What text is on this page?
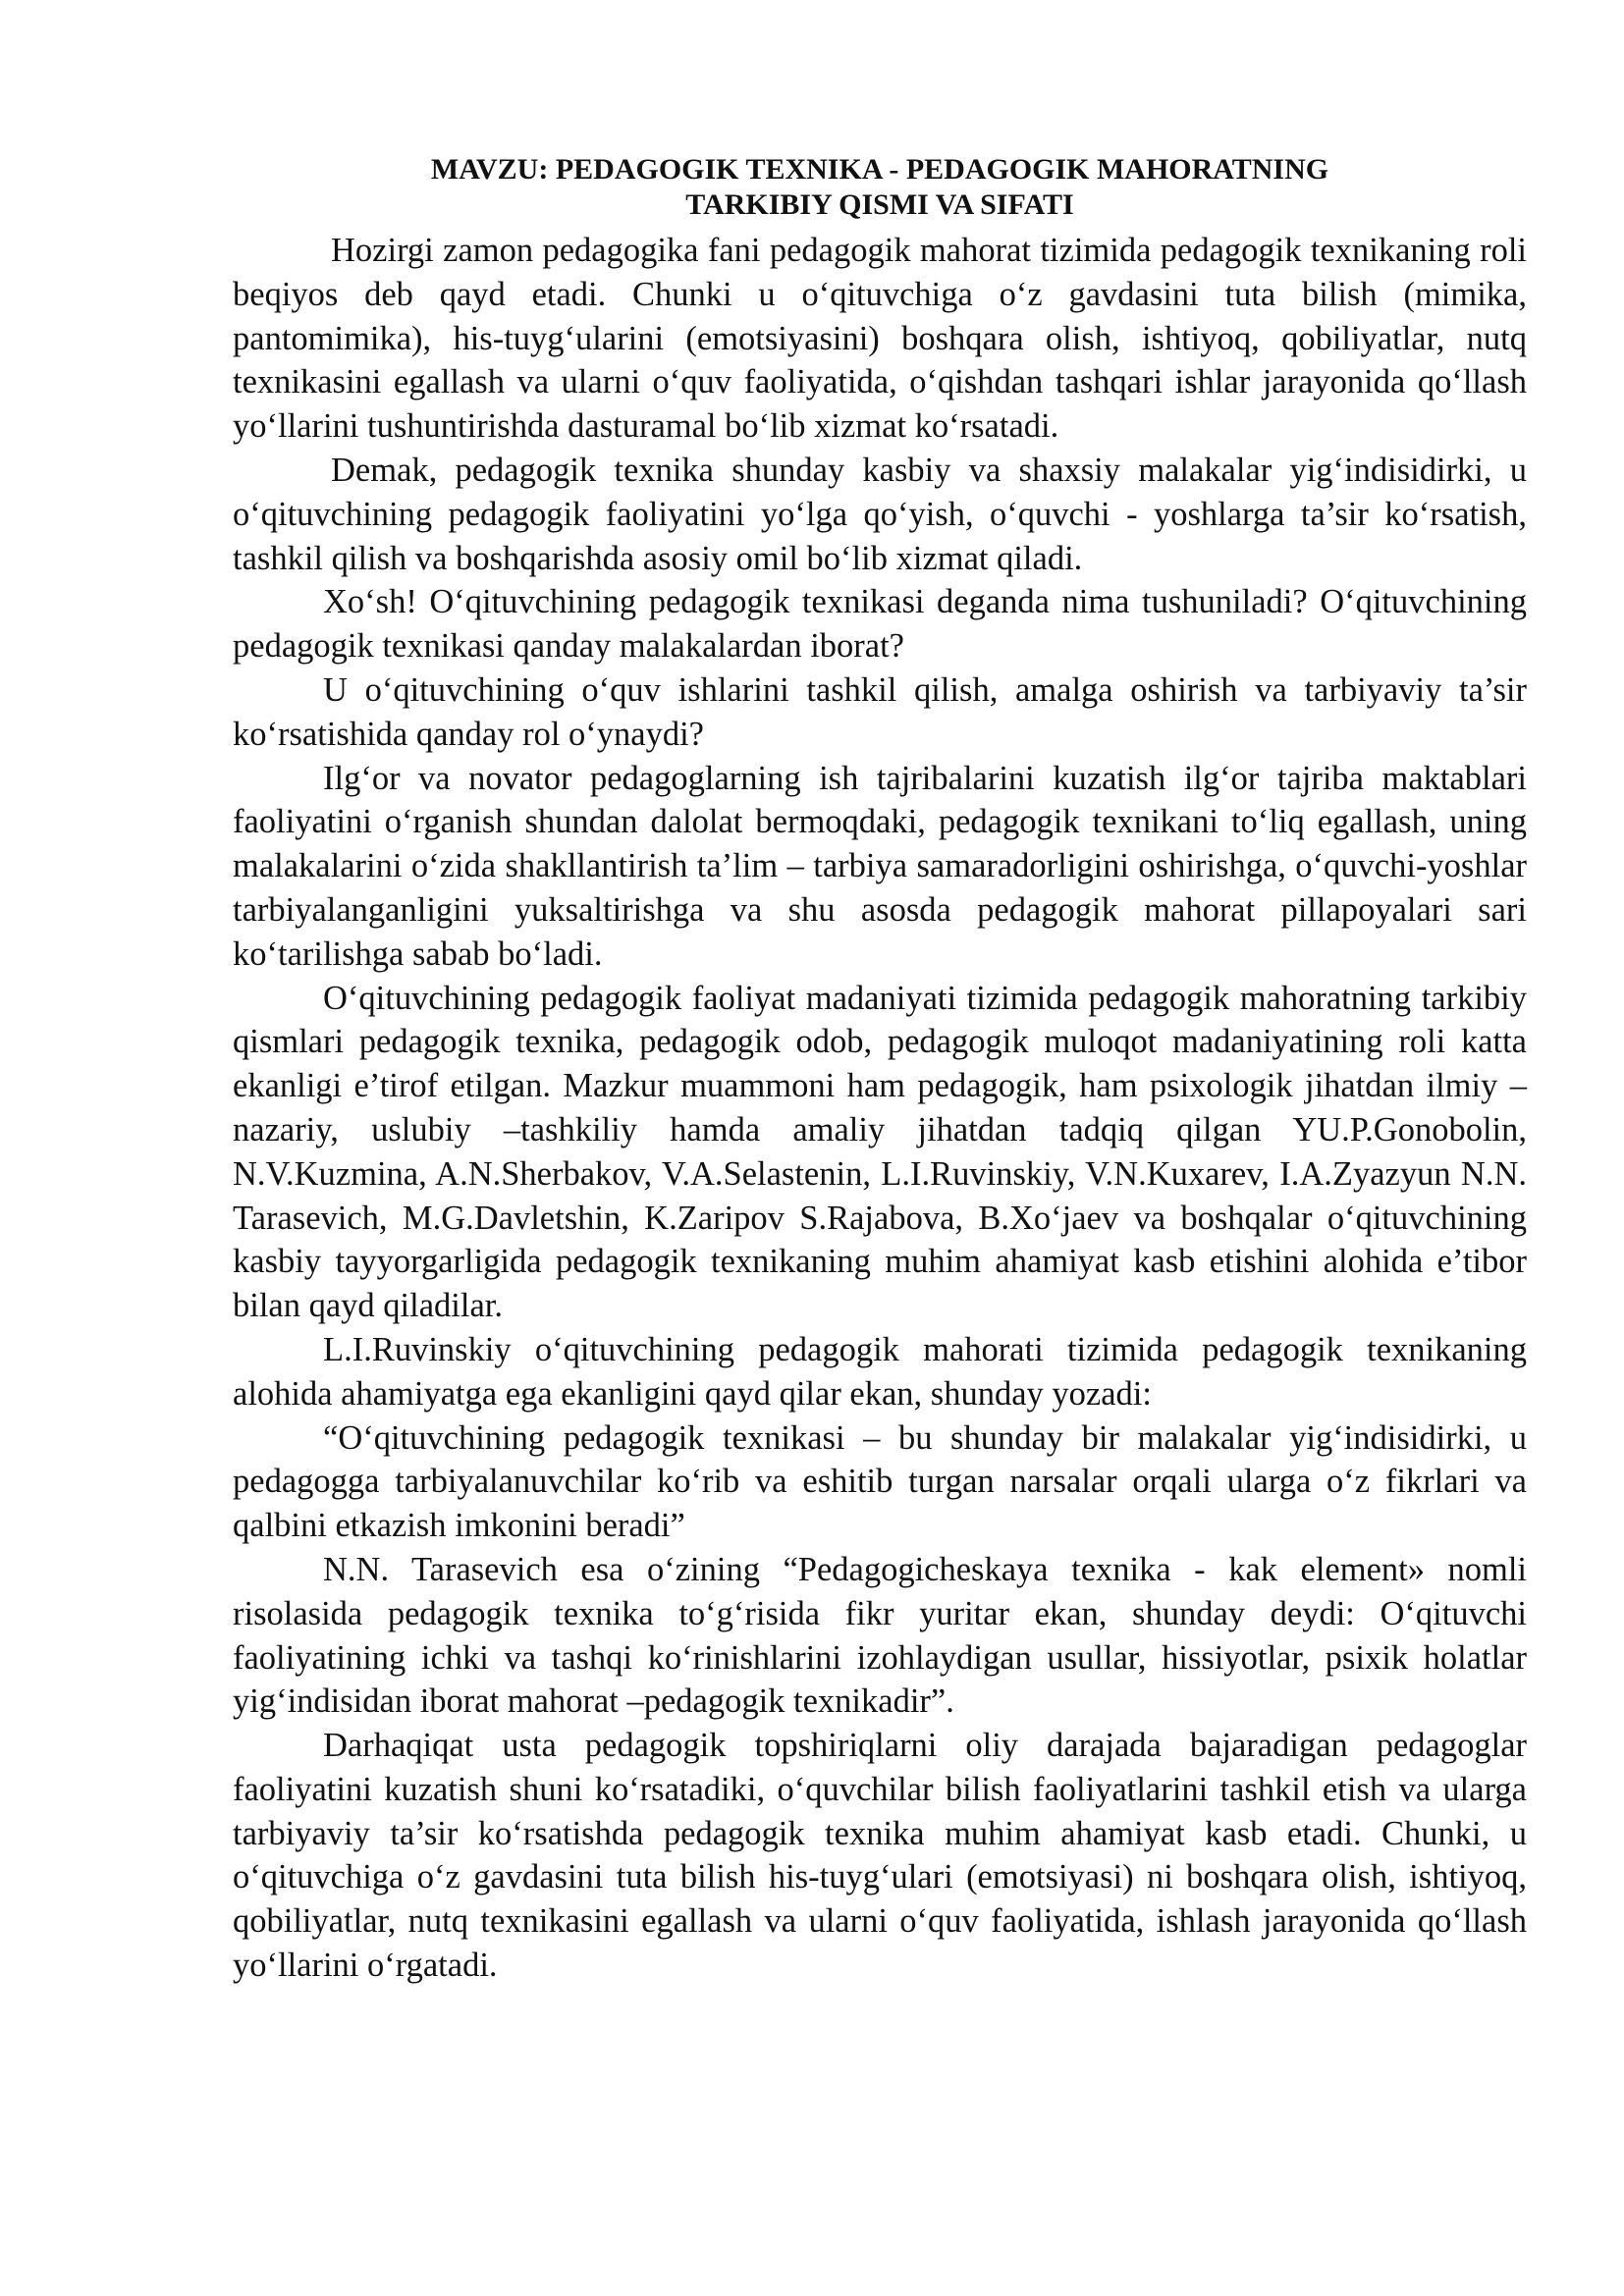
MAVZU: PEDAGOGIK TEXNIKA - PEDAGOGIK MAHORATNING
TARKIBIY QISMI VA SIFATI

Hozirgi zamon pedagogika fani pedagogik mahorat tizimida pedagogik texnikaning roli beqiyos deb qayd etadi. Chunki u o‘qituvchiga o‘z gavdasini tuta bilish (mimika, pantomimika), his-tuyg‘ularini (emotsiyasini) boshqara olish, ishtiyoq, qobiliyatlar, nutq texnikasini egallash va ularni o‘quv faoliyatida, o‘qishdan tashqari ishlar jarayonida qo‘llash yo‘llarini tushuntirishda dasturamal bo‘lib xizmat ko‘rsatadi.

Demak, pedagogik texnika shunday kasbiy va shaxsiy malakalar yig‘indisidirki, u o‘qituvchining pedagogik faoliyatini yo‘lga qo‘yish, o‘quvchi - yoshlarga ta’sir ko‘rsatish, tashkil qilish va boshqarishda asosiy omil bo‘lib xizmat qiladi.

Xo‘sh! O‘qituvchining pedagogik texnikasi deganda nima tushuniladi? O‘qituvchining pedagogik texnikasi qanday malakalardan iborat?

U o‘qituvchining o‘quv ishlarini tashkil qilish, amalga oshirish va tarbiyaviy ta’sir ko‘rsatishida qanday rol o‘ynaydi?

Ilg‘or va novator pedagoglarning ish tajribalarini kuzatish ilg‘or tajriba maktablari faoliyatini o‘rganish shundan dalolat bermoqdaki, pedagogik texnikani to‘liq egallash, uning malakalarini o‘zida shakllantirish ta’lim – tarbiya samaradorligini oshirishga, o‘quvchi-yoshlar tarbiyalanganligini yuksaltirishga va shu asosda pedagogik mahorat pillapoyalari sari ko‘tarilishga sabab bo‘ladi.

O‘qituvchining pedagogik faoliyat madaniyati tizimida pedagogik mahoratning tarkibiy qismlari pedagogik texnika, pedagogik odob, pedagogik muloqot madaniyatining roli katta ekanligi e’tirof etilgan. Mazkur muammoni ham pedagogik, ham psixologik jihatdan ilmiy –nazariy, uslubiy –tashkiliy hamda amaliy jihatdan tadqiq qilgan YU.P.Gonobolin, N.V.Kuzmina, A.N.Sherbakov, V.A.Selastenin, L.I.Ruvinskiy, V.N.Kuxarev, I.A.Zyazyun N.N. Tarasevich, M.G.Davletshin, K.Zaripov S.Rajabova, B.Xo‘jaev va boshqalar o‘qituvchining kasbiy tayyorgarligida pedagogik texnikaning muhim ahamiyat kasb etishini alohida e’tibor bilan qayd qiladilar.

L.I.Ruvinskiy o‘qituvchining pedagogik mahorati tizimida pedagogik texnikaning alohida ahamiyatga ega ekanligini qayd qilar ekan, shunday yozadi:

“O‘qituvchining pedagogik texnikasi – bu shunday bir malakalar yig‘indisidirki, u pedagogga tarbiyalanuvchilar ko‘rib va eshitib turgan narsalar orqali ularga o‘z fikrlari va qalbini etkazish imkonini beradi”

N.N. Tarasevich esa o‘zining “Pedagogicheskaya texnika - kak element» nomli risolasida pedagogik texnika to‘g‘risida fikr yuritar ekan, shunday deydi: O‘qituvchi faoliyatining ichki va tashqi ko‘rinishlarini izohlaydigan usullar, hissiyotlar, psixik holatlar yig‘indisidan iborat mahorat –pedagogik texnikadir”.

Darhaqiqat usta pedagogik topshiriqlarni oliy darajada bajaradigan pedagoglar faoliyatini kuzatish shuni ko‘rsatadiki, o‘quvchilar bilish faoliyatlarini tashkil etish va ularga tarbiyaviy ta’sir ko‘rsatishda pedagogik texnika muhim ahamiyat kasb etadi. Chunki, u o‘qituvchiga o‘z gavdasini tuta bilish his-tuyg‘ulari (emotsiyasi) ni boshqara olish, ishtiyoq, qobiliyatlar, nutq texnikasini egallash va ularni o‘quv faoliyatida, ishlash jarayonida qo‘llash yo‘llarini o‘rgatadi.
